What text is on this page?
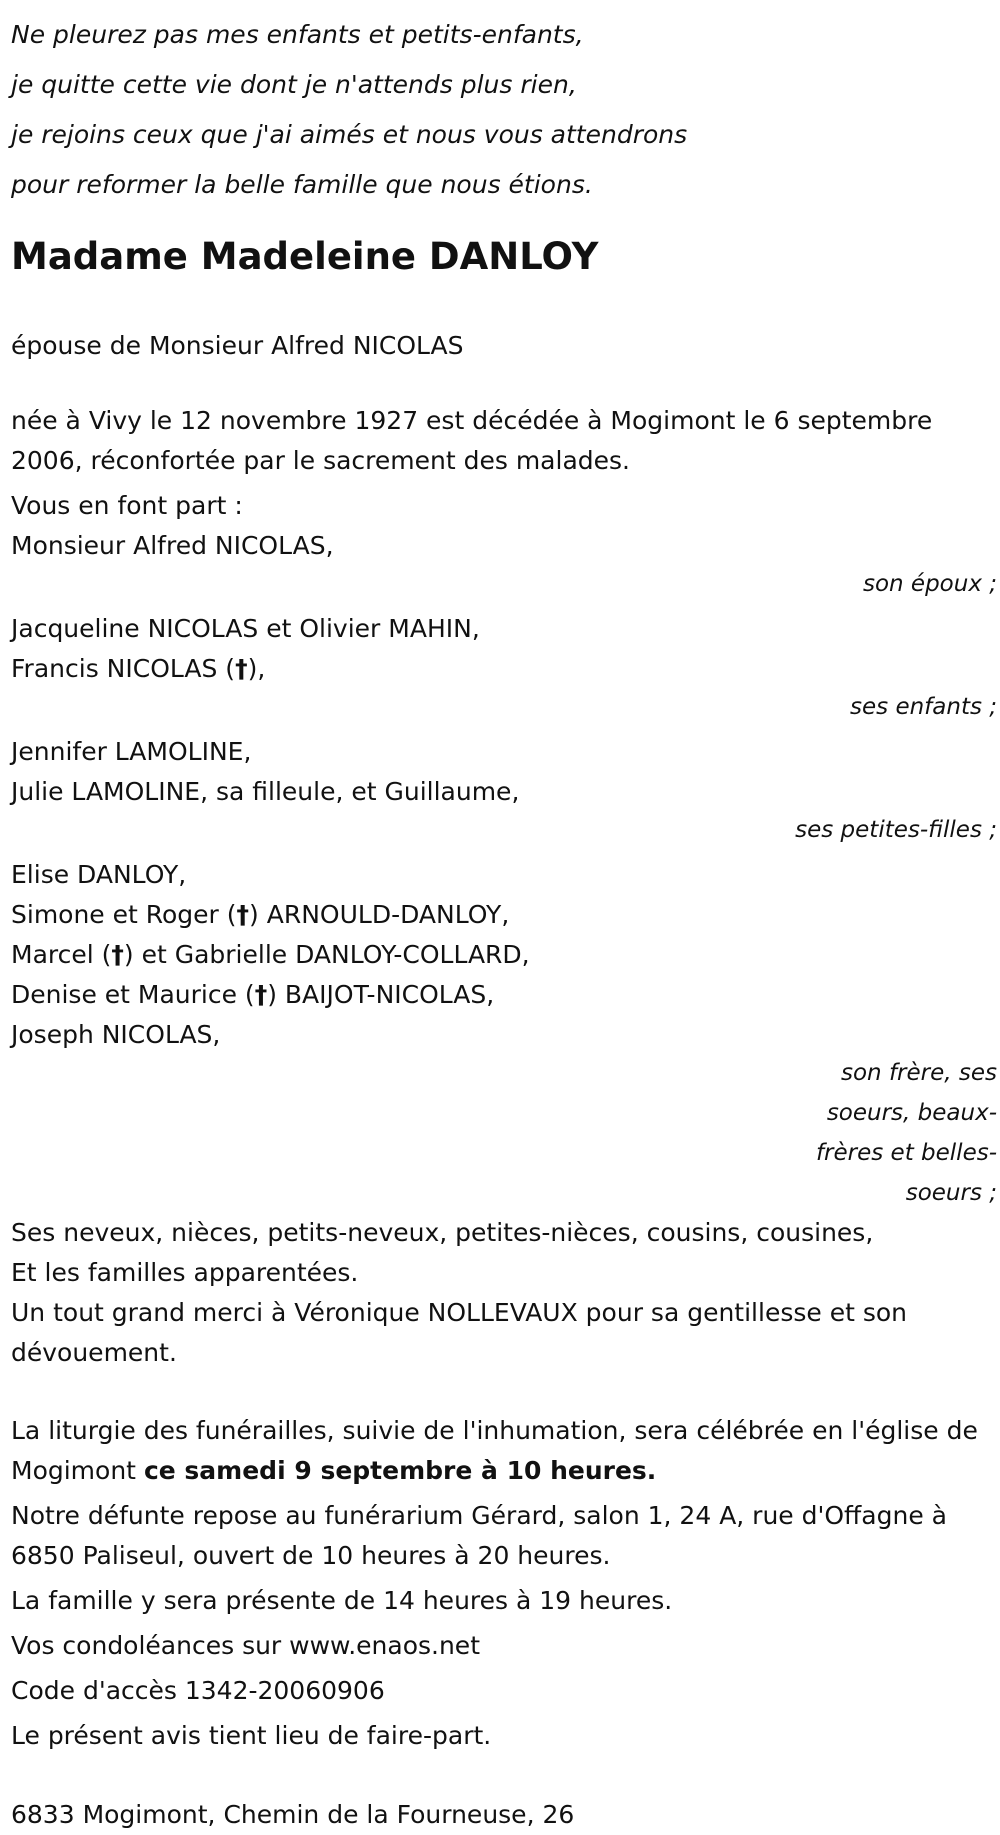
Ne pleurez pas mes enfants et petits-enfants,

je quitte cette vie dont je n'attends plus rien,

je rejoins ceux que j'ai aimés et nous vous attendrons

pour reformer la belle famille que nous étions.

Madame Madeleine DANLOY

épouse de Monsieur Alfred NICOLAS

née à Vivy le 12 novembre 1927 est décédée à Mogimont le 6 septembre 2006, réconfortée par le sacrement des malades.

Vous en font part :

Monsieur Alfred NICOLAS,

son époux ;

Jacqueline NICOLAS et Olivier MAHIN,

Francis NICOLAS (†),

ses enfants ;

Jennifer LAMOLINE,

Julie LAMOLINE, sa filleule, et Guillaume,

ses petites-filles ;

Elise DANLOY,

Simone et Roger (†) ARNOULD-DANLOY,

Marcel (†) et Gabrielle DANLOY-COLLARD,

Denise et Maurice (†) BAIJOT-NICOLAS,

Joseph NICOLAS,

son frère, ses soeurs, beaux-frères et belles-soeurs ;

Ses neveux, nièces, petits-neveux, petites-nièces, cousins, cousines,

Et les familles apparentées.

Un tout grand merci à Véronique NOLLEVAUX pour sa gentillesse et son dévouement.

La liturgie des funérailles, suivie de l'inhumation, sera célébrée en l'église de Mogimont ce samedi 9 septembre à 10 heures.

Notre défunte repose au funérarium Gérard, salon 1, 24 A, rue d'Offagne à 6850 Paliseul, ouvert de 10 heures à 20 heures.

La famille y sera présente de 14 heures à 19 heures.

Vos condoléances sur www.enaos.net

Code d'accès 1342-20060906

Le présent avis tient lieu de faire-part.

6833 Mogimont, Chemin de la Fourneuse, 26
